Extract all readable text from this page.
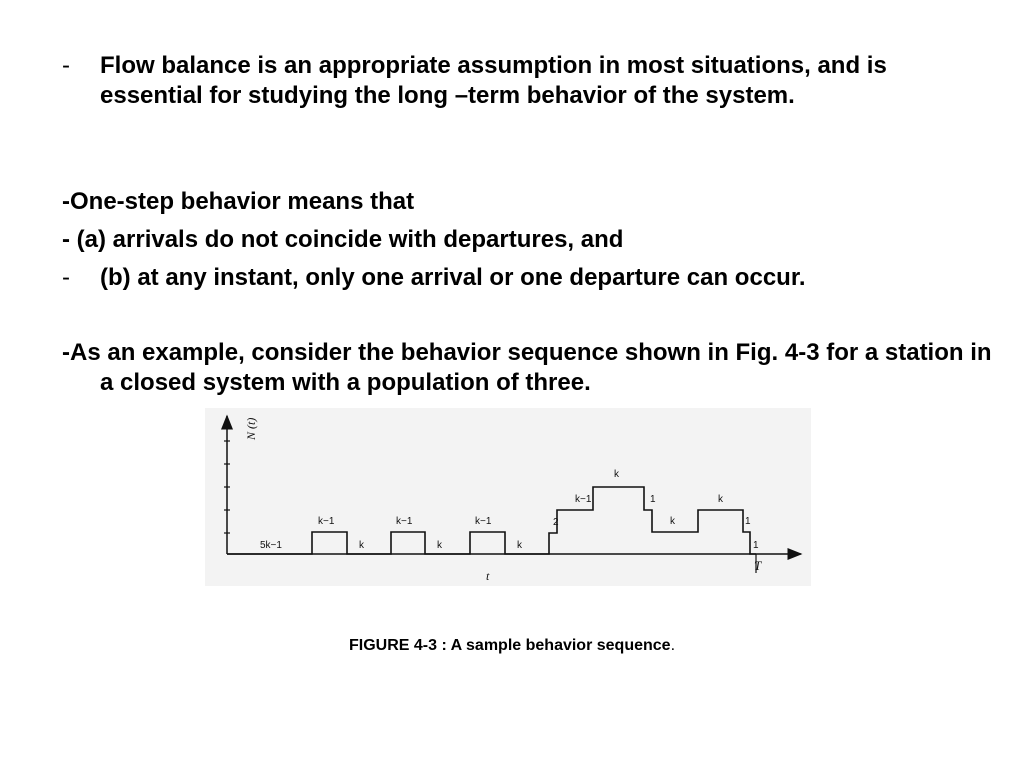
-	Flow balance is an appropriate assumption in most situations, and is essential for studying the long –term behavior of the system.
-One-step behavior means that
- (a) arrivals do not coincide with departures, and
-	(b) at any instant, only one arrival or one departure can occur.
-As an example, consider the behavior sequence shown in Fig. 4-3 for a station in a closed system with a population of three.
5k−1
k−1
k
k−1
k
k−1
k
2
k−1
k
1
k
k
1
1
N (t)
T
t
FIGURE 4-3 : A sample behavior sequence.
